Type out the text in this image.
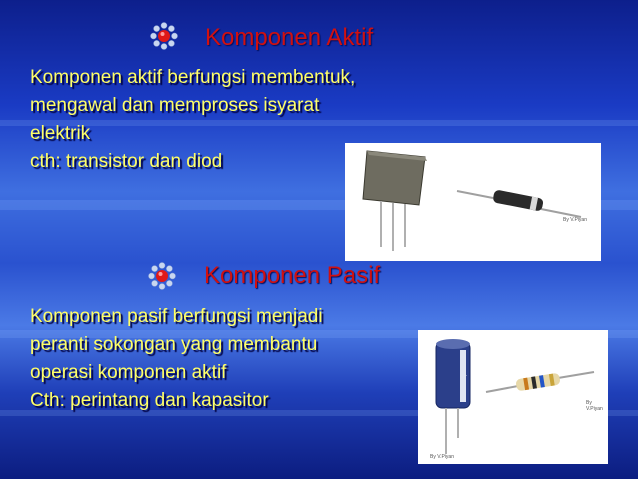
Komponen Aktif
Komponen aktif berfungsi membentuk,
mengawal dan memproses isyarat
elektrik
cth: transistor dan diod
By V.Piyan
Komponen Pasif
Komponen pasif berfungsi menjadi
peranti sokongan yang membantu
operasi komponen aktif
Cth: perintang dan kapasitor
470µF
By V.Piyan
By V.Piyan
